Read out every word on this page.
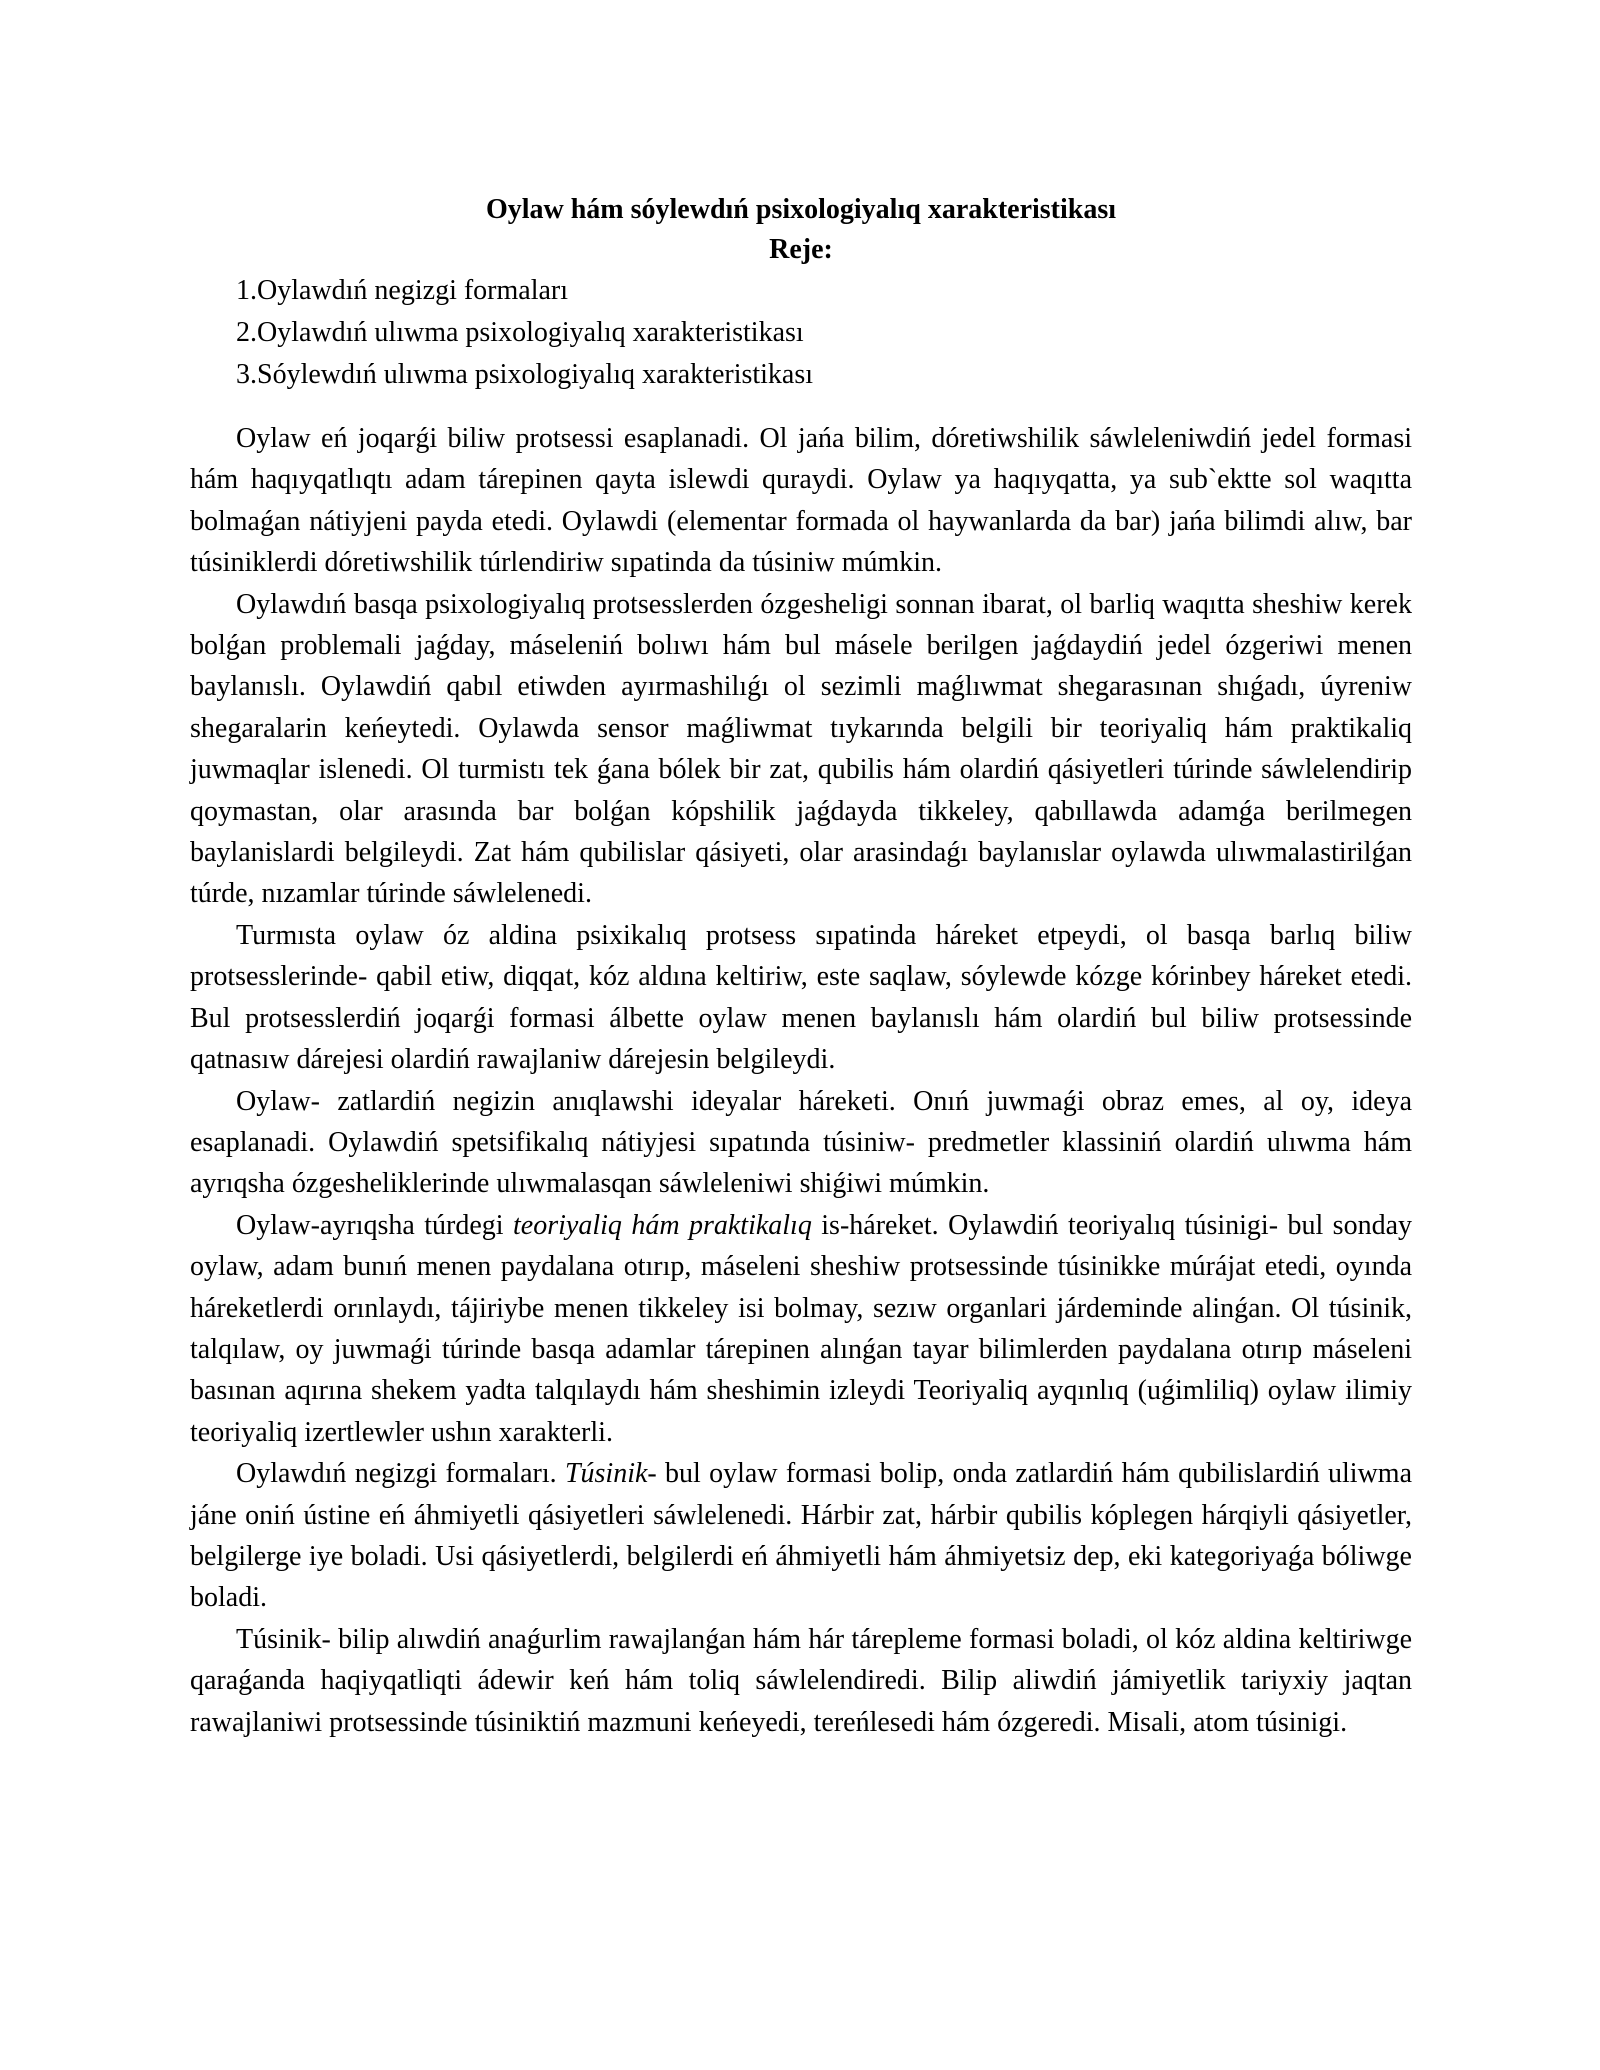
Oylaw hám sóylewdıń psixologiyalıq xarakteristikası
Reje:
1.Oylawdıń negizgi formaları
2.Oylawdıń ulıwma psixologiyalıq xarakteristikası
3.Sóylewdıń ulıwma psixologiyalıq xarakteristikası

Oylaw eń joqarǵi biliw protsessi esaplanadi. Ol jańa bilim, dóretiwshilik sáwleleniwdiń jedel formasi hám haqıyqatlıqtı adam tárepinen qayta islewdi quraydi. Oylaw ya haqıyqatta, ya sub`ektte sol waqıtta bolmaǵan nátiyjeni payda etedi. Oylawdi (elementar formada ol haywanlarda da bar) jańa bilimdi alıw, bar túsiniklerdi dóretiwshilik túrlendiriw sıpatinda da túsiniw múmkin.

Oylawdıń basqa psixologiyalıq protsesslerden ózgesheligi sonnan ibarat, ol barliq waqıtta sheshiw kerek bolǵan problemali jaǵday, máseleniń bolıwı hám bul másele berilgen jaǵdaydiń jedel ózgeriwi menen baylanıslı. Oylawdiń qabıl etiwden ayırmashilıǵı ol sezimli maǵlıwmat shegarasınan shıǵadı, úyreniw shegaralarin keńeytedi. Oylawda sensor maǵliwmat tıykarında belgili bir teoriyaliq hám praktikaliq juwmaqlar islenedi. Ol turmistı tek ǵana bólek bir zat, qubilis hám olardiń qásiyetleri túrinde sáwlelendirip qoymastan, olar arasında bar bolǵan kópshilik jaǵdayda tikkeley, qabıllawda adamǵa berilmegen baylanislardi belgileydi. Zat hám qubilislar qásiyeti, olar arasindaǵı baylanıslar oylawda ulıwmalastirilǵan túrde, nızamlar túrinde sáwlelenedi.

Turmısta oylaw óz aldina psixikalıq protsess sıpatinda háreket etpeydi, ol basqa barlıq biliw protsesslerinde- qabil etiw, diqqat, kóz aldına keltiriw, este saqlaw, sóylewde kózge kórinbey háreket etedi. Bul protsesslerdiń joqarǵi formasi álbette oylaw menen baylanıslı hám olardiń bul biliw protsessinde qatnasıw dárejesi olardiń rawajlaniw dárejesin belgileydi.

Oylaw- zatlardiń negizin anıqlawshi ideyalar háreketi. Onıń juwmaǵi obraz emes, al oy, ideya esaplanadi. Oylawdiń spetsifikalıq nátiyjesi sıpatında túsiniw- predmetler klassiniń olardiń ulıwma hám ayrıqsha ózgesheliklerinde ulıwmalasqan sáwleleniwi shiǵiwi múmkin.

Oylaw-ayrıqsha túrdegi teoriyaliq hám praktikalıq is-háreket. Oylawdiń teoriyalıq túsinigi- bul sonday oylaw, adam bunıń menen paydalana otırıp, máseleni sheshiw protsessinde túsinikke múrájat etedi, oyında háreketlerdi orınlaydı, tájiriybe menen tikkeley isi bolmay, sezıw organlari járdeminde alinǵan. Ol túsinik, talqılaw, oy juwmaǵi túrinde basqa adamlar tárepinen alınǵan tayar bilimlerden paydalana otırıp máseleni basınan aqırına shekem yadta talqılaydı hám sheshimin izleydi Teoriyaliq ayqınlıq (uǵimliliq) oylaw ilimiy teoriyaliq izertlewler ushın xarakterli.

Oylawdıń negizgi formaları. Túsinik- bul oylaw formasi bolip, onda zatlardiń hám qubilislardiń uliwma jáne oniń ústine eń áhmiyetli qásiyetleri sáwlelenedi. Hárbir zat, hárbir qubilis kóplegen hárqiyli qásiyetler, belgilerge iye boladi. Usi qásiyetlerdi, belgilerdi eń áhmiyetli hám áhmiyetsiz dep, eki kategoriyaǵa bóliwge boladi.

Túsinik- bilip alıwdiń anaǵurlim rawajlanǵan hám hár tárepleme formasi boladi, ol kóz aldina keltiriwge qaraǵanda haqiyqatliqti ádewir keń hám toliq sáwlelendiredi. Bilip aliwdiń jámiyetlik tariyxiy jaqtan rawajlaniwi protsessinde túsiniktiń mazmuni keńeyedi, tereńlesedi hám ózgeredi. Misali, atom túsinigi.
